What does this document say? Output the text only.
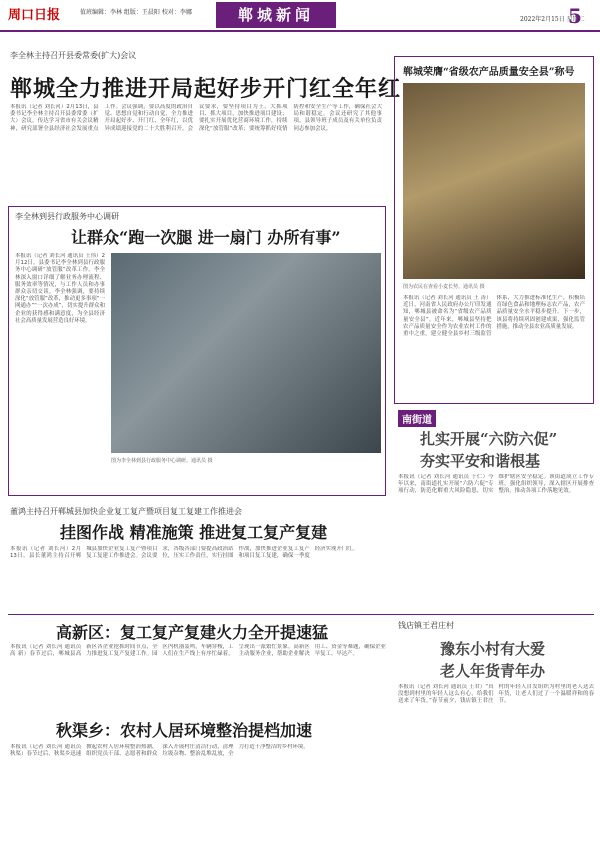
周口日报	值班编辑：李林 组版：王晨阳 校对：李娜	郸城新闻	2022年2月15日 星期二
5
李全林主持召开县委常委(扩大)会议
郸城全力推进开局起好步开门红全年红
本报讯（记者 刘长河）2月13日，县委书记李全林主持召开县委常委（扩大）会议，传达学习省市有关会议精神，研究部署全县经济社会发展重点工作。会议强调，要以高度的政治自觉、思想自觉和行动自觉，全力推进开局起好步、开门红、全年红，以优异成绩迎接党的二十大胜利召开。会议要求，要坚持项目为王，大抓项目、抓大项目，加快推进项目建设；要扎实开展优化营商环境工作，持续深化“放管服”改革；要统筹抓好疫情防控和安全生产等工作，确保社会大局和谐稳定。会议还研究了其他事项。县领导班子成员及有关单位负责同志参加会议。
郸城荣膺“省级农产品质量安全县”称号
图为农民在查看小麦长势。通讯员 摄
本报讯（记者 刘长河 通讯员 王 涛）近日，河南省人民政府办公厅印发通知，郸城县被命名为“省级农产品质量安全县”。近年来，郸城县坚持把农产品质量安全作为农业农村工作的重中之重，建立健全县乡村三级监管体系，大力推进标准化生产，积极培育绿色食品和地理标志农产品，农产品质量安全水平稳步提升。下一步，该县将持续巩固创建成果，强化监管措施，推动全县农业高质量发展。
李全林到县行政服务中心调研
让群众“跑一次腿 进一扇门 办所有事”
本报讯（记者 刘长河 通讯员 王伟）2月12日，县委书记李全林到县行政服务中心调研“放管服”改革工作。李全林深入窗口详细了解业务办理流程、服务效率等情况，与工作人员和办事群众亲切交谈。李全林强调，要持续深化“放管服”改革，推动更多事项“一网通办”“一次办成”，切实提升群众和企业的获得感和满意度，为全县经济社会高质量发展营造良好环境。
图为李全林到县行政服务中心调研。通讯员 摄
董鸿主持召开郸城县加快企业复工复产暨项目复工复建工作推进会
挂图作战 精准施策 推进复工复产复建
本报讯（记者 刘长河）2月13日，县长董鸿主持召开郸城县加快企业复工复产暨项目复工复建工作推进会。会议要求，各级各部门要提高政治站位，压实工作责任，实行挂图作战，加快推进企业复工复产和项目复工复建，确保一季度经济实现开门红。
南街道
扎实开展“六防六促”
夯实平安和谐根基
本报讯（记者 刘长河 通讯员 于仁）今年以来，南街道扎实开展“六防六促”专项行动，防范化解重大风险隐患，切实维护辖区安全稳定。该街道成立工作专班，强化组织领导，深入辖区开展排查整治，推动各项工作落地见效。
高新区：复工复产复建火力全开提速猛
本报讯（记者 刘长河 通讯员 高 新）春节过后，郸城县高新区各企业抢抓时间节点，全力推进复工复产复建工作。园区内机器轰鸣，车辆穿梭，工人们在生产线上有序忙碌着，呈现出一派繁忙景象。高新区主动服务企业，帮助企业解决用工、资金等难题，确保企业早复工、早达产。
钱店镇王君庄村
豫东小村有大爱
老人年货青年办
本报讯（记者 刘长河 通讯员 王君）“真没想到村里的年轻人这么有心，给我们送来了年货。”春节前夕，钱店镇王君庄村的年轻人自发组织为村里的老人送去年货，让老人们过了一个温暖祥和的春节。
秋渠乡：农村人居环境整治提档加速
本报讯（记者 刘长河 通讯员 秋渠）春节过后，秋渠乡迅速掀起农村人居环境整治热潮，组织党员干部、志愿者和群众深入开展村庄清洁行动，清理垃圾杂物、整治乱堆乱放，全力打造干净整洁的乡村环境。
